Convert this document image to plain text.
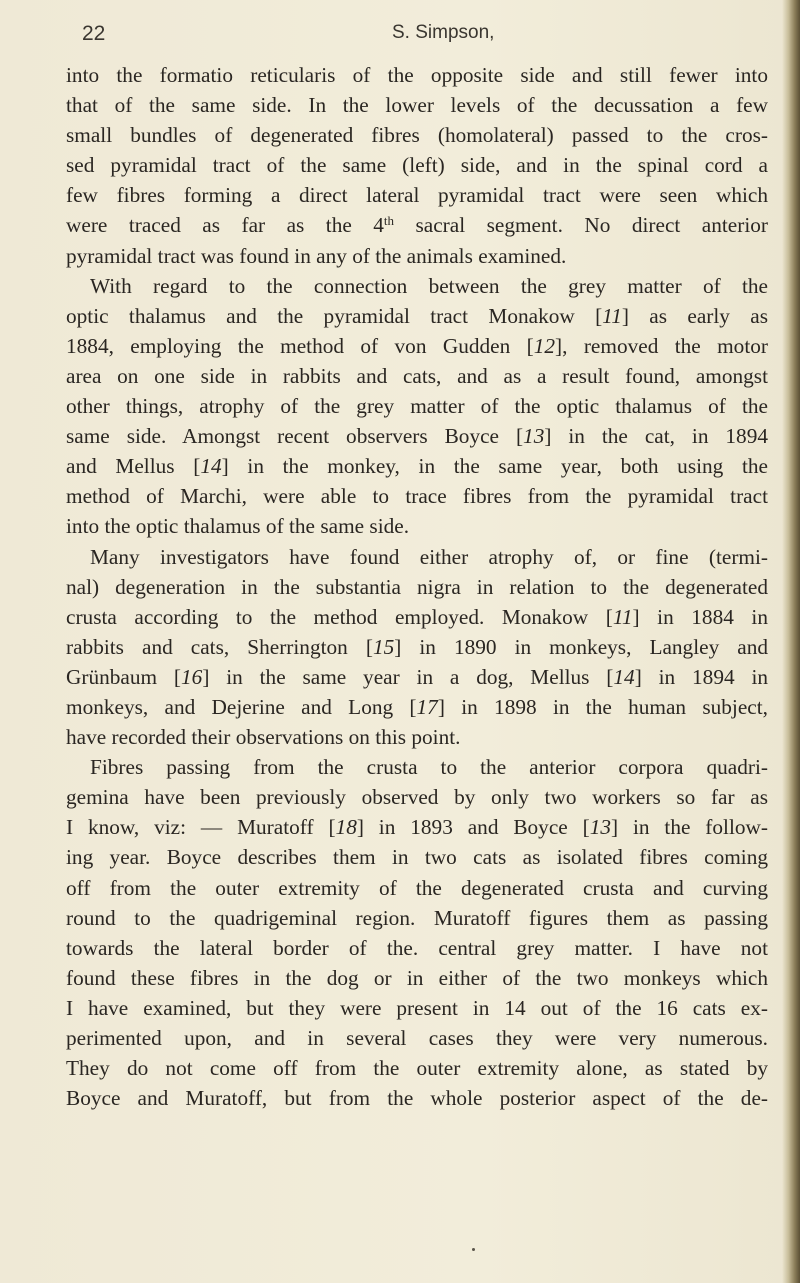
22	S. Simpson,
into the formatio reticularis of the opposite side and still fewer into
that of the same side. In the lower levels of the decussation a few
small bundles of degenerated fibres (homolateral) passed to the cros-
sed pyramidal tract of the same (left) side, and in the spinal cord a
few fibres forming a direct lateral pyramidal tract were seen which
were traced as far as the 4th sacral segment. No direct anterior
pyramidal tract was found in any of the animals examined.
With regard to the connection between the grey matter of the
optic thalamus and the pyramidal tract Monakow [11] as early as
1884, employing the method of von Gudden [12], removed the motor
area on one side in rabbits and cats, and as a result found, amongst
other things, atrophy of the grey matter of the optic thalamus of the
same side. Amongst recent observers Boyce [13] in the cat, in 1894
and Mellus [14] in the monkey, in the same year, both using the
method of Marchi, were able to trace fibres from the pyramidal tract
into the optic thalamus of the same side.
Many investigators have found either atrophy of, or fine (termi-
nal) degeneration in the substantia nigra in relation to the degenerated
crusta according to the method employed. Monakow [11] in 1884 in
rabbits and cats, Sherrington [15] in 1890 in monkeys, Langley and
Grünbaum [16] in the same year in a dog, Mellus [14] in 1894 in
monkeys, and Dejerine and Long [17] in 1898 in the human subject,
have recorded their observations on this point.
Fibres passing from the crusta to the anterior corpora quadri-
gemina have been previously observed by only two workers so far as
I know, viz: — Muratoff [18] in 1893 and Boyce [13] in the follow-
ing year. Boyce describes them in two cats as isolated fibres coming
off from the outer extremity of the degenerated crusta and curving
round to the quadrigeminal region. Muratoff figures them as passing
towards the lateral border of the. central grey matter. I have not
found these fibres in the dog or in either of the two monkeys which
I have examined, but they were present in 14 out of the 16 cats ex-
perimented upon, and in several cases they were very numerous.
They do not come off from the outer extremity alone, as stated by
Boyce and Muratoff, but from the whole posterior aspect of the de-
